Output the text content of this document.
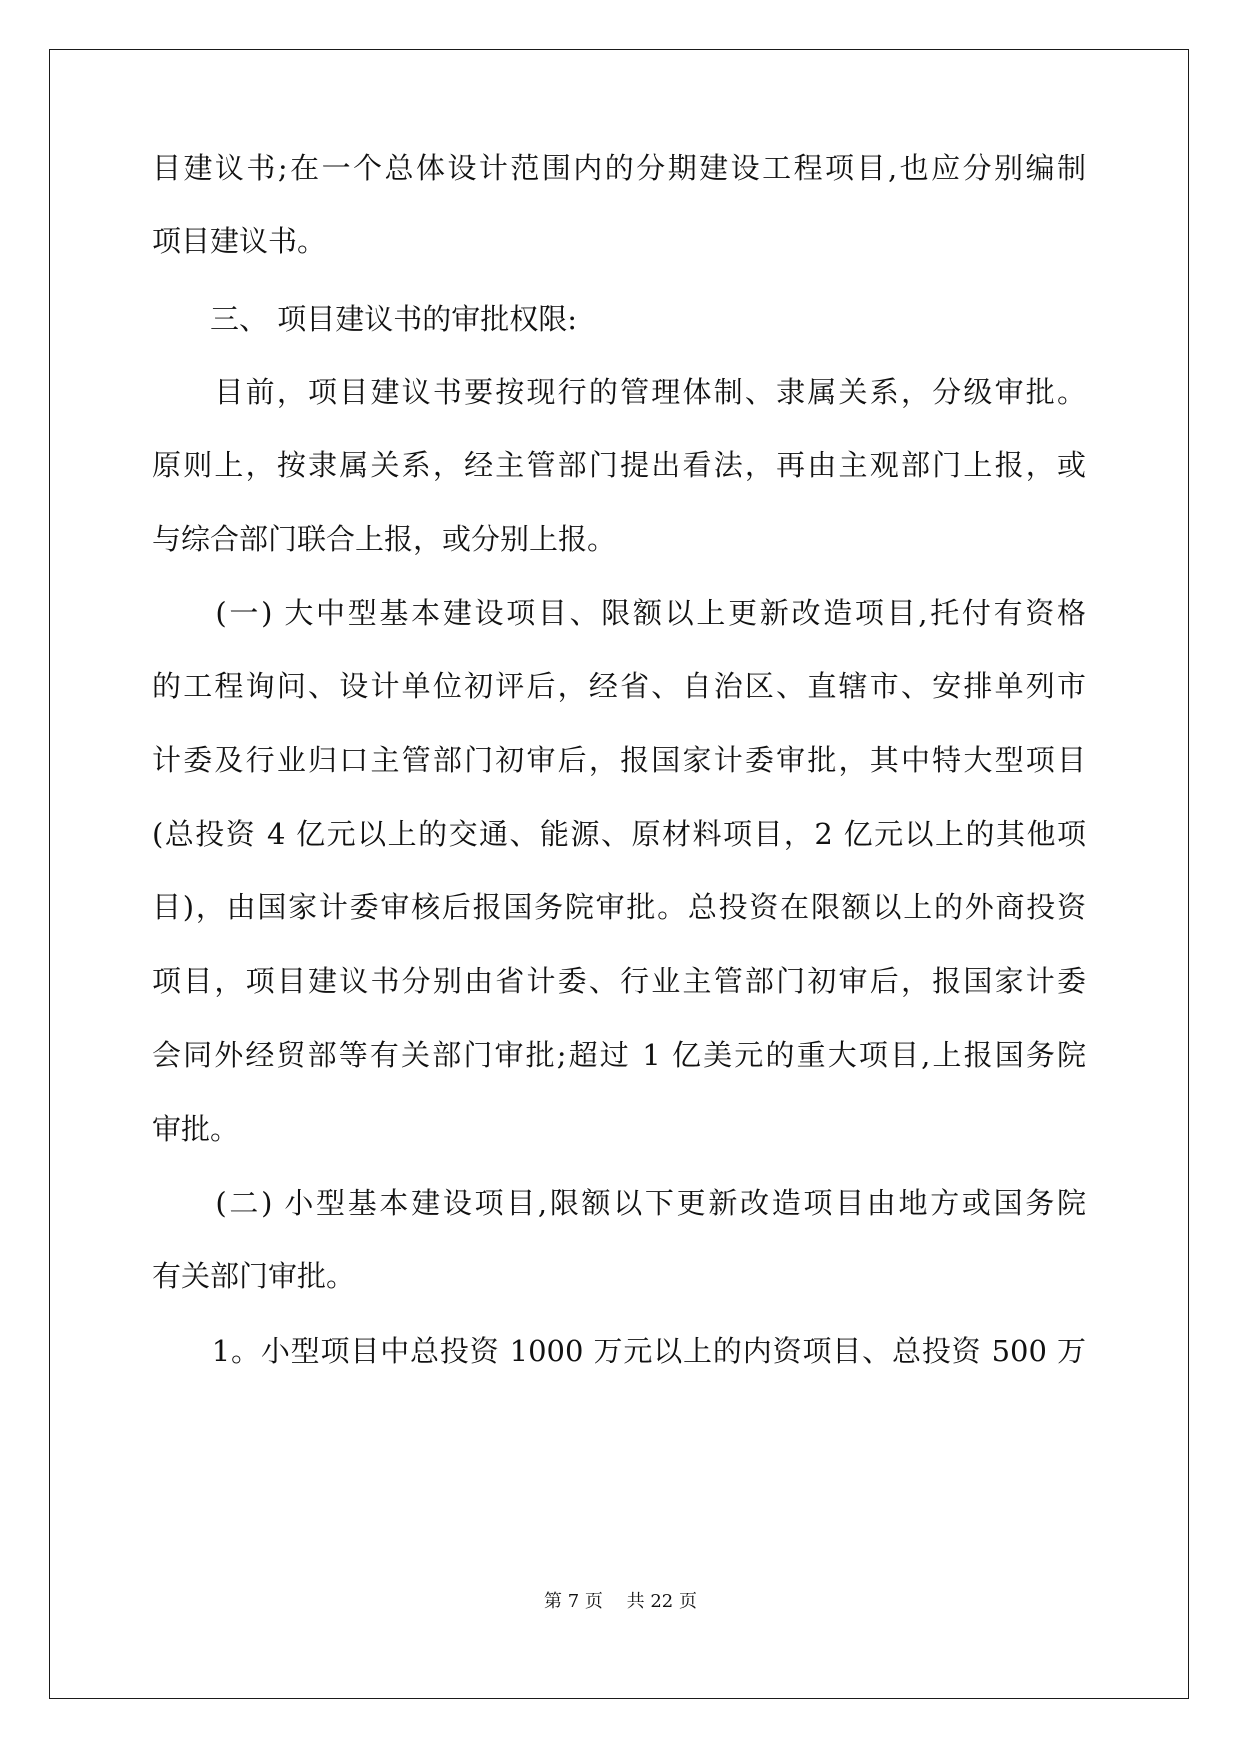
目建议书;在一个总体设计范围内的分期建设工程项目,也应分别编制
项目建议书。
　　三、 项目建议书的审批权限:
　　目前，项目建议书要按现行的管理体制、隶属关系，分级审批。
原则上，按隶属关系，经主管部门提出看法，再由主观部门上报，或
与综合部门联合上报，或分别上报。
　　(一) 大中型基本建设项目、限额以上更新改造项目,托付有资格
的工程询问、设计单位初评后，经省、自治区、直辖市、安排单列市
计委及行业归口主管部门初审后，报国家计委审批，其中特大型项目
(总投资 4 亿元以上的交通、能源、原材料项目，2 亿元以上的其他项
目)，由国家计委审核后报国务院审批。总投资在限额以上的外商投资
项目，项目建议书分别由省计委、行业主管部门初审后，报国家计委
会同外经贸部等有关部门审批;超过 1 亿美元的重大项目,上报国务院
审批。
　　(二) 小型基本建设项目,限额以下更新改造项目由地方或国务院
有关部门审批。
　　1。小型项目中总投资 1000 万元以上的内资项目、总投资 500 万
第 7 页　 共 22 页
